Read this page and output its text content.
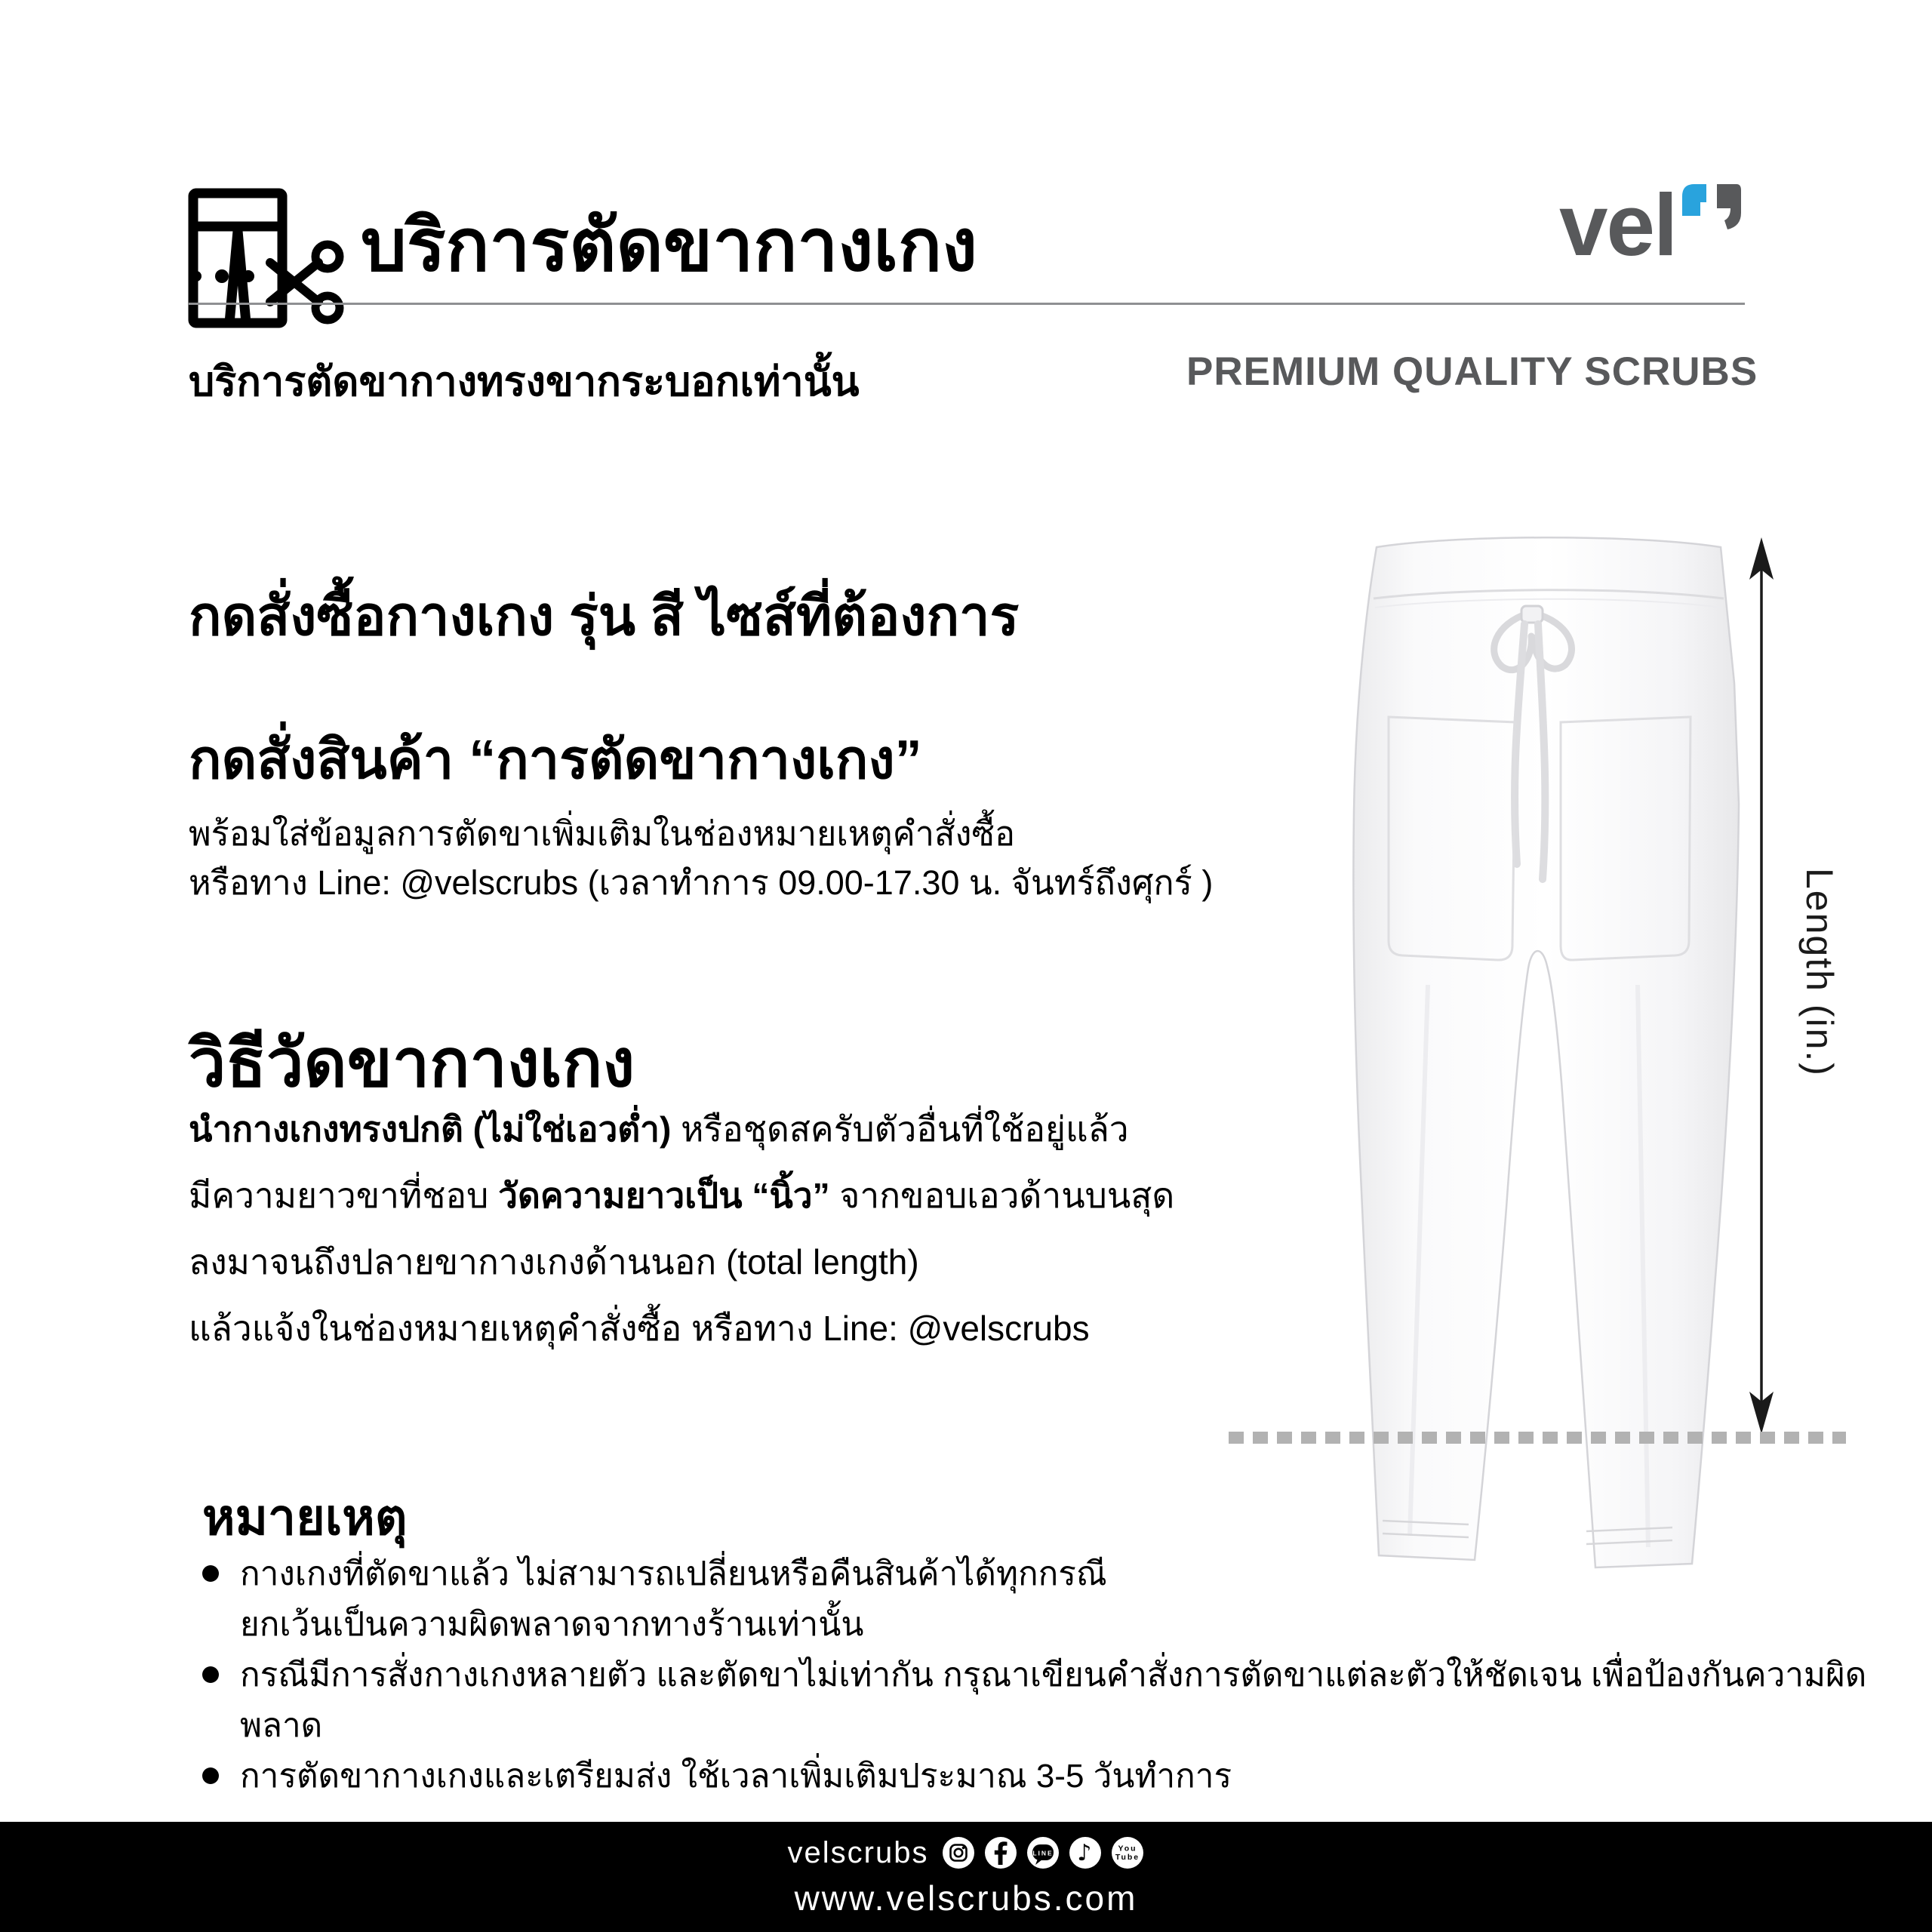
บริการตัดขากางเกง	vel
บริการตัดขากางทรงขากระบอกเท่านั้น	PREMIUM QUALITY SCRUBS
กดสั่งซื้อกางเกง รุ่น สี ไซส์ที่ต้องการ
กดสั่งสินค้า “การตัดขากางเกง”
พร้อมใส่ข้อมูลการตัดขาเพิ่มเติมในช่องหมายเหตุคำสั่งซื้อ
หรือทาง Line: @velscrubs (เวลาทำการ 09.00-17.30 น. จันทร์ถึงศุกร์ )
วิธีวัดขากางเกง
นำกางเกงทรงปกติ (ไม่ใช่เอวต่ำ) หรือชุดสครับตัวอื่นที่ใช้อยู่แล้ว
มีความยาวขาที่ชอบ วัดความยาวเป็น “นิ้ว” จากขอบเอวด้านบนสุด
ลงมาจนถึงปลายขากางเกงด้านนอก (total length)
แล้วแจ้งในช่องหมายเหตุคำสั่งซื้อ หรือทาง Line: @velscrubs
หมายเหตุ
กางเกงที่ตัดขาแล้ว ไม่สามารถเปลี่ยนหรือคืนสินค้าได้ทุกกรณี
ยกเว้นเป็นความผิดพลาดจากทางร้านเท่านั้น
กรณีมีการสั่งกางเกงหลายตัว และตัดขาไม่เท่ากัน กรุณาเขียนคำสั่งการตัดขาแต่ละตัวให้ชัดเจน เพื่อป้องกันความผิดพลาด
การตัดขากางเกงและเตรียมส่ง ใช้เวลาเพิ่มเติมประมาณ 3-5 วันทำการ
Length (in.)
velscrubs	LINE ♪	You
Tube
www.velscrubs.com
